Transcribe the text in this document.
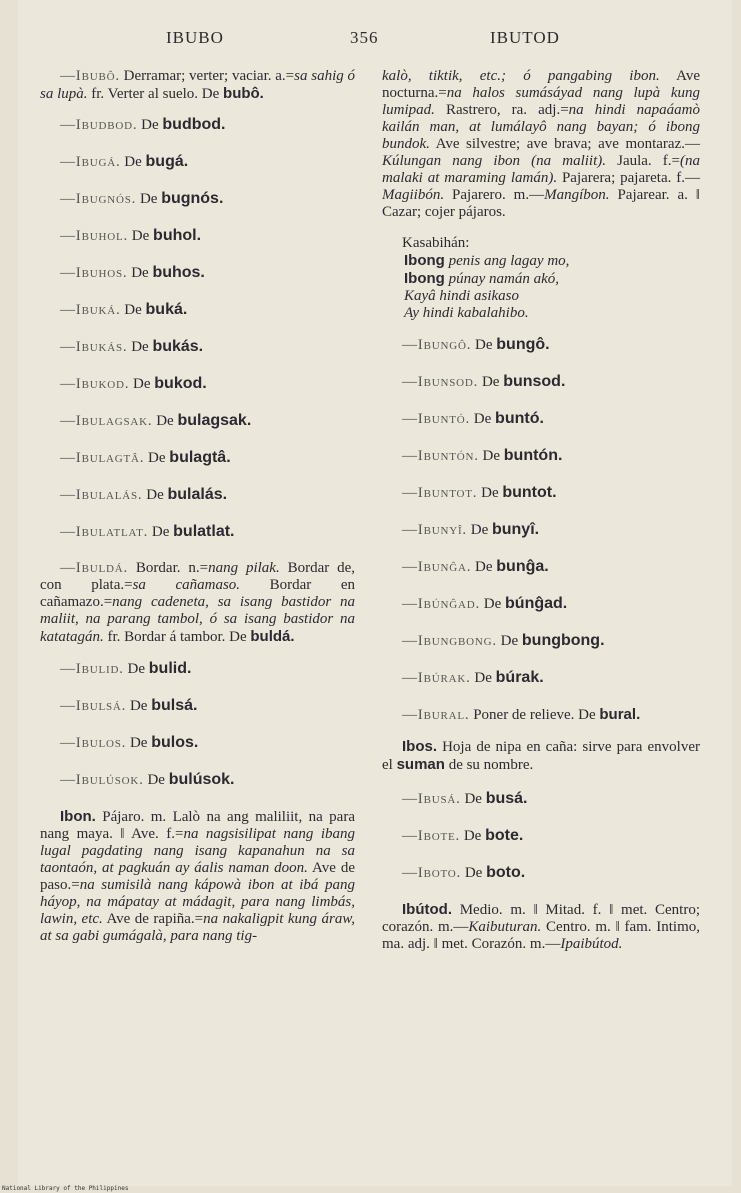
IBUBO	356	IBUTOD

—Ibubô. Derramar; verter; vaciar. a.=sa sahig ó sa lupà. fr. Verter al suelo. De bubô.

—Ibudbod. De budbod.

—Ibugá. De bugá.

—Ibugnós. De bugnós.

—Ibuhol. De buhol.

—Ibuhos. De buhos.

—Ibuká. De buká.

—Ibukás. De bukás.

—Ibukod. De bukod.

—Ibulagsak. De bulagsak.

—Ibulagtâ. De bulagtâ.

—Ibulalás. De bulalás.

—Ibulatlat. De bulatlat.

—Ibuldá. Bordar. n.=nang pilak. Bordar de, con plata.=sa cañamaso. Bordar en cañamazo.=nang cadeneta, sa isang bastidor na maliit, na parang tambol, ó sa isang bastidor na katatagán. fr. Bordar á tambor. De buldá.

—Ibulid. De bulid.

—Ibulsá. De bulsá.

—Ibulos. De bulos.

—Ibulúsok. De bulúsok.

Ibon. Pájaro. m. Lalò na ang maliliit, na para nang maya. ‖ Ave. f.=na nagsisilipat nang ibang lugal pagdating nang isang kapanahun na sa taontaón, at pagkuán ay áalis naman doon. Ave de paso.=na sumisilà nang kápowà ibon at ibá pang háyop, na mápatay at mádagit, para nang limbás, lawin, etc. Ave de rapiña.=na nakaligpit kung áraw, at sa gabi gumágalà, para nang tig-

kalò, tiktik, etc.; ó pangabing ibon. Ave nocturna.=na halos sumásáyad nang lupà kung lumipad. Rastrero, ra. adj.=na hindi napaáamò kailán man, at lumálayô nang bayan; ó ibong bundok. Ave silvestre; ave brava; ave montaraz.—Kúlungan nang ibon (na maliit). Jaula. f.=(na malaki at maraming lamán). Pajarera; pajareta. f.—Magiibón. Pajarero. m.—Mangíbon. Pajarear. a. ‖ Cazar; cojer pájaros.

Kasabihán:

Ibong penis ang lagay mo,

Ibong púnay namán akó,

Kayâ hindi asikaso

Ay hindi kabalahibo.

—Ibungô. De bungô.

—Ibunsod. De bunsod.

—Ibuntó. De buntó.

—Ibuntón. De buntón.

—Ibuntot. De buntot.

—Ibunyî. De bunyî.

—Ibunĝa. De bunĝa.

—Ibúnĝad. De búnĝad.

—Ibungbong. De bungbong.

—Ibúrak. De búrak.

—Ibural. Poner de relieve. De bural.

Ibos. Hoja de nipa en caña: sirve para envolver el suman de su nombre.

—Ibusá. De busá.

—Ibote. De bote.

—Iboto. De boto.

Ibútod. Medio. m. ‖ Mitad. f. ‖ met. Centro; corazón. m.—Kaibuturan. Centro. m. ‖ fam. Intimo, ma. adj. ‖ met. Corazón. m.—Ipaibútod.

National Library of the Philippines
